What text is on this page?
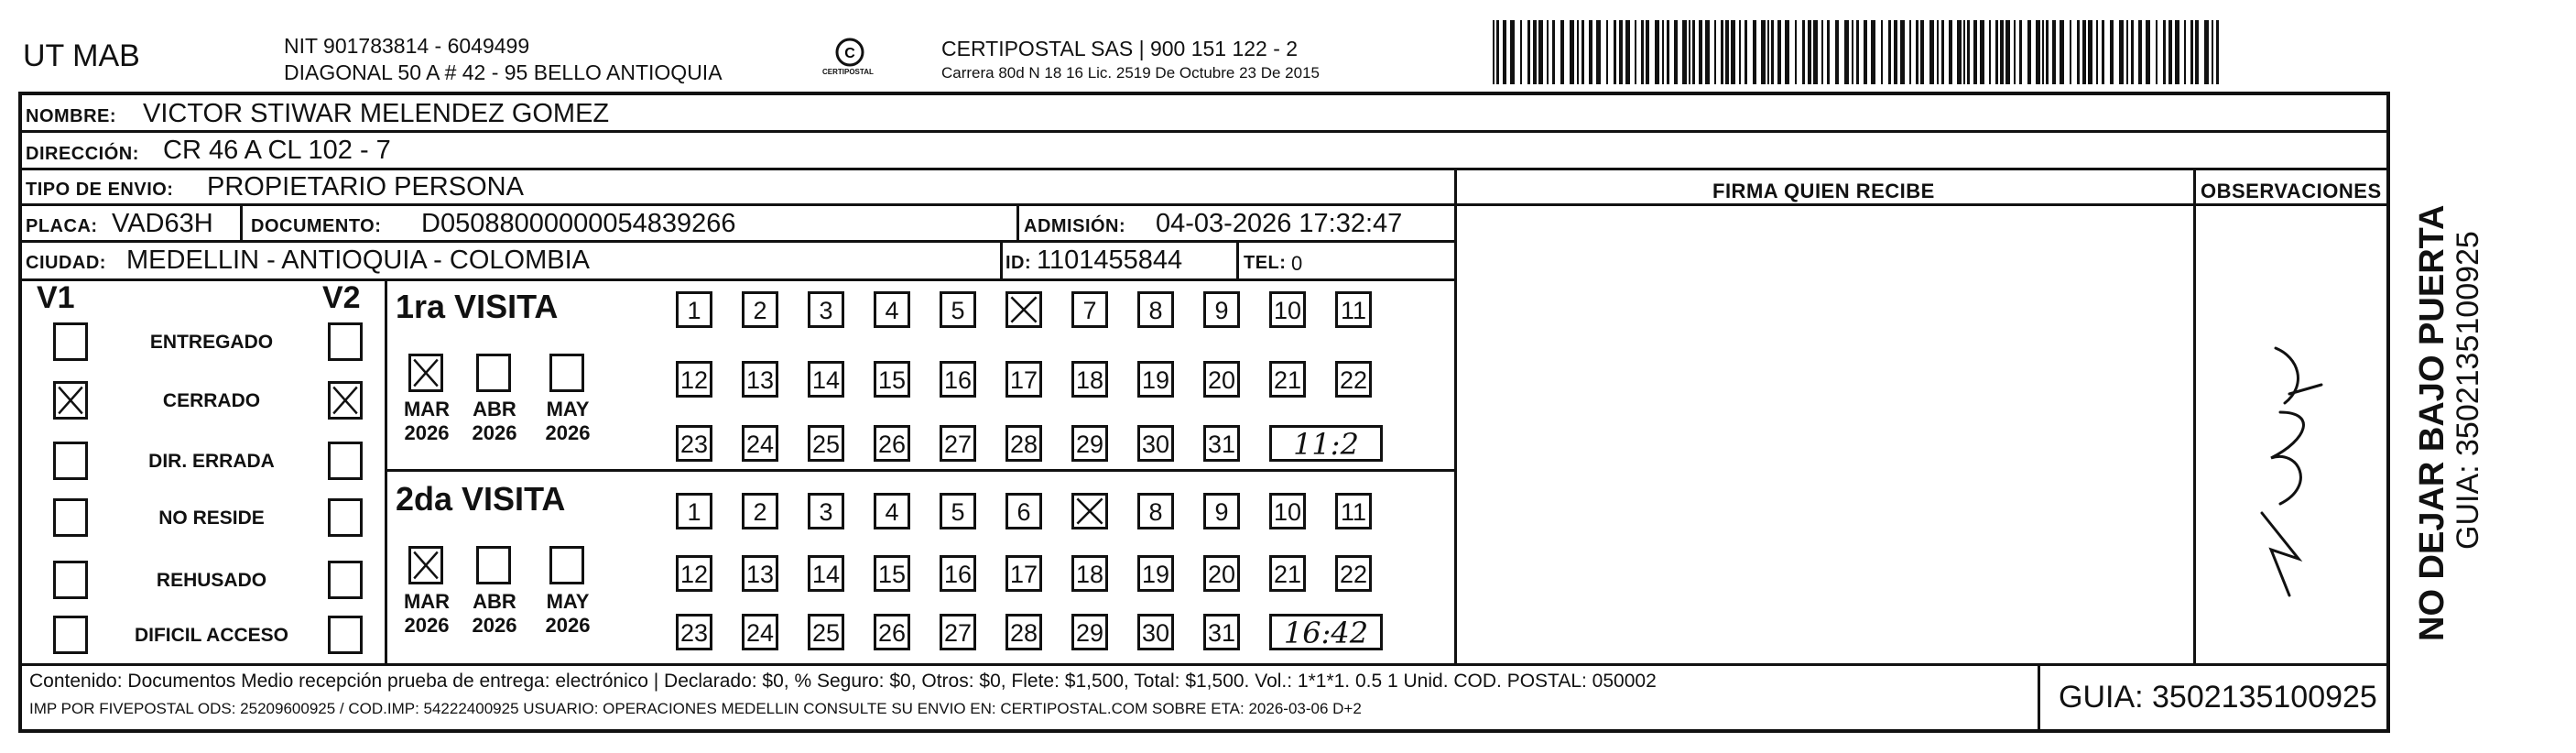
UT MAB	NIT 901783814 - 6049499
DIAGONAL 50 A # 42 - 95 BELLO ANTIOQUIA
C
CERTIPOSTAL
CERTIPOSTAL SAS | 900 151 122 - 2
Carrera 80d N 18 16 Lic. 2519 De Octubre 23 De 2015
NOMBRE: VICTOR STIWAR MELENDEZ GOMEZ
DIRECCIÓN: CR 46 A CL 102 - 7
TIPO DE ENVIO: PROPIETARIO PERSONA
PLACA: VAD63H DOCUMENTO: D05088000000054839266	ADMISIÓN: 04-03-2026 17:32:47
CIUDAD: MEDELLIN - ANTIOQUIA - COLOMBIA	ID: 1101455844	TEL: 0
FIRMA QUIEN RECIBE	OBSERVACIONES
V1	V2
ENTREGADO
CERRADO
DIR. ERRADA
NO RESIDE
REHUSADO
DIFICIL ACCESO
1ra VISITA
2da VISITA
MAR
2026
ABR
2026
MAY
2026
MAR
2026
ABR
2026
MAY
2026
1	2	3	4	5	7	8	9	10 11
12 13 14 15 16 17 18 19 20 21 22
23 24 25 26 27 28 29 30 31	11:2
1	2	3	4	5	6	8	9	10 11
12 13 14 15 16 17 18 19 20 21 22
23 24 25 26 27 28 29 30 31	16:42
Contenido: Documentos Medio recepción prueba de entrega: electrónico | Declarado: $0, % Seguro: $0, Otros: $0, Flete: $1,500, Total: $1,500. Vol.: 1*1*1. 0.5 1 Unid. COD. POSTAL: 050002
IMP POR FIVEPOSTAL ODS: 25209600925 / COD.IMP: 54222400925 USUARIO: OPERACIONES MEDELLIN CONSULTE SU ENVIO EN: CERTIPOSTAL.COM SOBRE ETA: 2026-03-06 D+2	GUIA: 3502135100925
NO DEJAR BAJO PUERTA GUIA: 3502135100925
